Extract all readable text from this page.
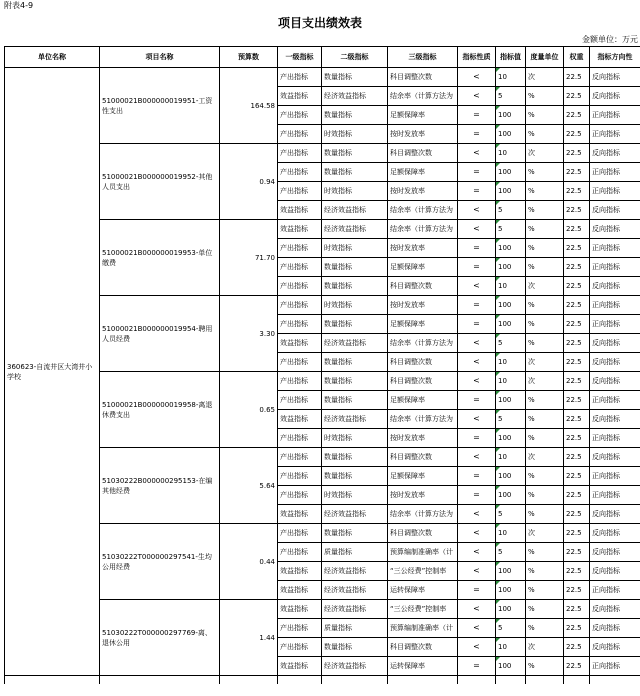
附表4-9
项目支出绩效表
金额单位：万元
单位名称	项目名称	预算数	一级指标	二级指标	三级指标	指标性质	指标值	度量单位	权重	指标方向性
360623-自流井区大湾井小学校	51000021B000000019951-工资性支出	164.58	产出指标	数量指标	科目调整次数	<	10	次	22.5	反向指标
			效益指标	经济效益指标	结余率（计算方法为	<	5	%	22.5	反向指标
			产出指标	数量指标	足额保障率	=	100	%	22.5	正向指标
			产出指标	时效指标	按时发放率	=	100	%	22.5	正向指标
	51000021B000000019952-其他人员支出	0.94	产出指标	数量指标	科目调整次数	<	10	次	22.5	反向指标
			产出指标	数量指标	足额保障率	=	100	%	22.5	正向指标
			产出指标	时效指标	按时发放率	=	100	%	22.5	正向指标
			效益指标	经济效益指标	结余率（计算方法为	<	5	%	22.5	反向指标
	51000021B000000019953-单位缴费	71.70	效益指标	经济效益指标	结余率（计算方法为	<	5	%	22.5	反向指标
			产出指标	时效指标	按时发放率	=	100	%	22.5	正向指标
			产出指标	数量指标	足额保障率	=	100	%	22.5	正向指标
			产出指标	数量指标	科目调整次数	<	10	次	22.5	反向指标
	51000021B000000019954-聘用人员经费	3.30	产出指标	时效指标	按时发放率	=	100	%	22.5	正向指标
			产出指标	数量指标	足额保障率	=	100	%	22.5	正向指标
			效益指标	经济效益指标	结余率（计算方法为	<	5	%	22.5	反向指标
			产出指标	数量指标	科目调整次数	<	10	次	22.5	反向指标
	51000021B000000019958-离退休费支出	0.65	产出指标	数量指标	科目调整次数	<	10	次	22.5	反向指标
			产出指标	数量指标	足额保障率	=	100	%	22.5	正向指标
			效益指标	经济效益指标	结余率（计算方法为	<	5	%	22.5	反向指标
			产出指标	时效指标	按时发放率	=	100	%	22.5	正向指标
	51030222B000000295153-在编其他经费	5.64	产出指标	数量指标	科目调整次数	<	10	次	22.5	反向指标
			产出指标	数量指标	足额保障率	=	100	%	22.5	正向指标
			产出指标	时效指标	按时发放率	=	100	%	22.5	正向指标
			效益指标	经济效益指标	结余率（计算方法为	<	5	%	22.5	反向指标
	51030222T000000297541-生均公用经费	0.44	产出指标	数量指标	科目调整次数	<	10	次	22.5	反向指标
			产出指标	质量指标	预算编制准确率（计	<	5	%	22.5	反向指标
			效益指标	经济效益指标	“三公经费”控制率	<	100	%	22.5	反向指标
			效益指标	经济效益指标	运转保障率	=	100	%	22.5	正向指标
	51030222T000000297769-离、退休公用	1.44	效益指标	经济效益指标	“三公经费”控制率	<	100	%	22.5	反向指标
			产出指标	质量指标	预算编制准确率（计	<	5	%	22.5	反向指标
			产出指标	数量指标	科目调整次数	<	10	次	22.5	反向指标
			效益指标	经济效益指标	运转保障率	=	100	%	22.5	正向指标
